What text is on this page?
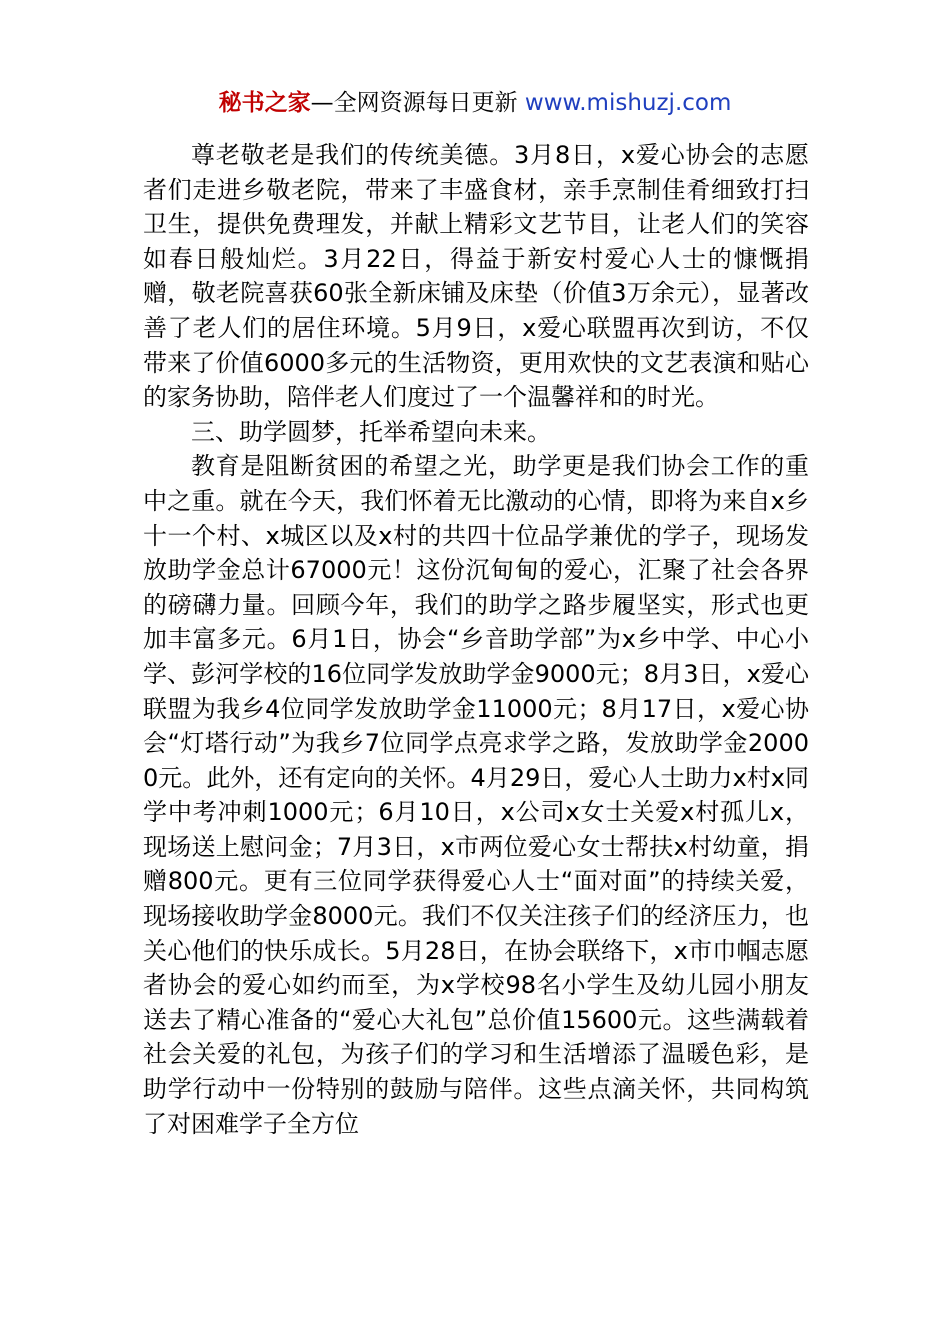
秘书之家—全网资源每日更新 www.mishuzj.com

尊老敬老是我们的传统美德。3月8日，x爱心协会的志愿者们走进乡敬老院，带来了丰盛食材，亲手烹制佳肴细致打扫卫生，提供免费理发，并献上精彩文艺节目，让老人们的笑容如春日般灿烂。3月22日，得益于新安村爱心人士的慷慨捐赠，敬老院喜获60张全新床铺及床垫（价值3万余元），显著改善了老人们的居住环境。5月9日，x爱心联盟再次到访，不仅带来了价值6000多元的生活物资，更用欢快的文艺表演和贴心的家务协助，陪伴老人们度过了一个温馨祥和的时光。

三、助学圆梦，托举希望向未来。

教育是阻断贫困的希望之光，助学更是我们协会工作的重中之重。就在今天，我们怀着无比激动的心情，即将为来自x乡十一个村、x城区以及x村的共四十位品学兼优的学子，现场发放助学金总计67000元！这份沉甸甸的爱心，汇聚了社会各界的磅礴力量。回顾今年，我们的助学之路步履坚实，形式也更加丰富多元。6月1日，协会“乡音助学部”为x乡中学、中心小学、彭河学校的16位同学发放助学金9000元；8月3日，x爱心联盟为我乡4位同学发放助学金11000元；8月17日，x爱心协会“灯塔行动”为我乡7位同学点亮求学之路，发放助学金20000元。此外，还有定向的关怀。4月29日，爱心人士助力x村x同学中考冲刺1000元；6月10日，x公司x女士关爱x村孤儿x，现场送上慰问金；7月3日，x市两位爱心女士帮扶x村幼童，捐赠800元。更有三位同学获得爱心人士“面对面”的持续关爱，现场接收助学金8000元。我们不仅关注孩子们的经济压力，也关心他们的快乐成长。5月28日，在协会联络下，x市巾帼志愿者协会的爱心如约而至，为x学校98名小学生及幼儿园小朋友送去了精心准备的“爱心大礼包”总价值15600元。这些满载着社会关爱的礼包，为孩子们的学习和生活增添了温暖色彩，是助学行动中一份特别的鼓励与陪伴。这些点滴关怀，共同构筑了对困难学子全方位
